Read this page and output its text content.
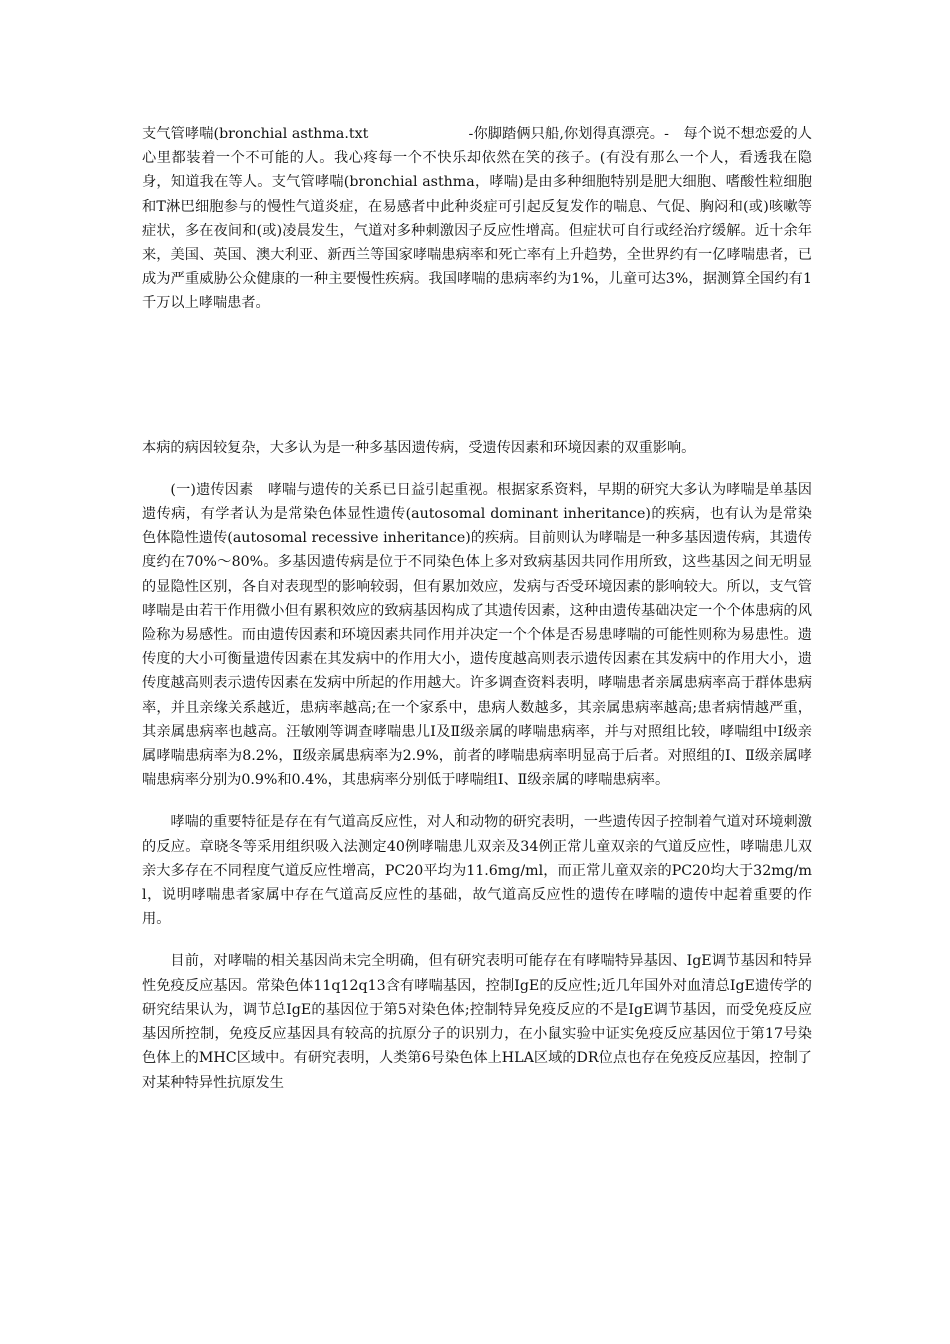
支气管哮喘(bronchial asthma.txt　　　　　　　-你脚踏俩只船,你划得真漂亮。-　每个说不想恋爱的人　心里都装着一个不可能的人。我心疼每一个不快乐却依然在笑的孩子。(有没有那么一个人，看透我在隐身，知道我在等人。支气管哮喘(bronchial asthma，哮喘)是由多种细胞特别是肥大细胞、嗜酸性粒细胞和T淋巴细胞参与的慢性气道炎症，在易感者中此种炎症可引起反复发作的喘息、气促、胸闷和(或)咳嗽等症状，多在夜间和(或)凌晨发生，气道对多种刺激因子反应性增高。但症状可自行或经治疗缓解。近十余年来，美国、英国、澳大利亚、新西兰等国家哮喘患病率和死亡率有上升趋势，全世界约有一亿哮喘患者，已成为严重威胁公众健康的一种主要慢性疾病。我国哮喘的患病率约为1%，儿童可达3%，据测算全国约有1千万以上哮喘患者。

本病的病因较复杂，大多认为是一种多基因遗传病，受遗传因素和环境因素的双重影响。

(一)遗传因素　哮喘与遗传的关系已日益引起重视。根据家系资料，早期的研究大多认为哮喘是单基因遗传病，有学者认为是常染色体显性遗传(autosomal dominant inheritance)的疾病，也有认为是常染色体隐性遗传(autosomal recessive inheritance)的疾病。目前则认为哮喘是一种多基因遗传病，其遗传度约在70%～80%。多基因遗传病是位于不同染色体上多对致病基因共同作用所致，这些基因之间无明显的显隐性区别，各自对表现型的影响较弱，但有累加效应，发病与否受环境因素的影响较大。所以，支气管哮喘是由若干作用微小但有累积效应的致病基因构成了其遗传因素，这种由遗传基础决定一个个体患病的风险称为易感性。而由遗传因素和环境因素共同作用并决定一个个体是否易患哮喘的可能性则称为易患性。遗传度的大小可衡量遗传因素在其发病中的作用大小，遗传度越高则表示遗传因素在其发病中的作用大小，遗传度越高则表示遗传因素在发病中所起的作用越大。许多调查资料表明，哮喘患者亲属患病率高于群体患病率，并且亲缘关系越近，患病率越高;在一个家系中，患病人数越多，其亲属患病率越高;患者病情越严重，其亲属患病率也越高。汪敏刚等调查哮喘患儿Ⅰ及Ⅱ级亲属的哮喘患病率，并与对照组比较，哮喘组中Ⅰ级亲属哮喘患病率为8.2%，Ⅱ级亲属患病率为2.9%，前者的哮喘患病率明显高于后者。对照组的Ⅰ、Ⅱ级亲属哮喘患病率分别为0.9%和0.4%，其患病率分别低于哮喘组Ⅰ、Ⅱ级亲属的哮喘患病率。

哮喘的重要特征是存在有气道高反应性，对人和动物的研究表明，一些遗传因子控制着气道对环境刺激的反应。章晓冬等采用组织吸入法测定40例哮喘患儿双亲及34例正常儿童双亲的气道反应性，哮喘患儿双亲大多存在不同程度气道反应性增高，PC20平均为11.6mg/ml，而正常儿童双亲的PC20均大于32mg/ml，说明哮喘患者家属中存在气道高反应性的基础，故气道高反应性的遗传在哮喘的遗传中起着重要的作用。

目前，对哮喘的相关基因尚未完全明确，但有研究表明可能存在有哮喘特异基因、IgE调节基因和特异性免疫反应基因。常染色体11q12q13含有哮喘基因，控制IgE的反应性;近几年国外对血清总IgE遗传学的研究结果认为，调节总IgE的基因位于第5对染色体;控制特异免疫反应的不是IgE调节基因，而受免疫反应基因所控制，免疫反应基因具有较高的抗原分子的识别力，在小鼠实验中证实免疫反应基因位于第17号染色体上的MHC区域中。有研究表明，人类第6号染色体上HLA区域的DR位点也存在免疫反应基因，控制了对某种特异性抗原发生
